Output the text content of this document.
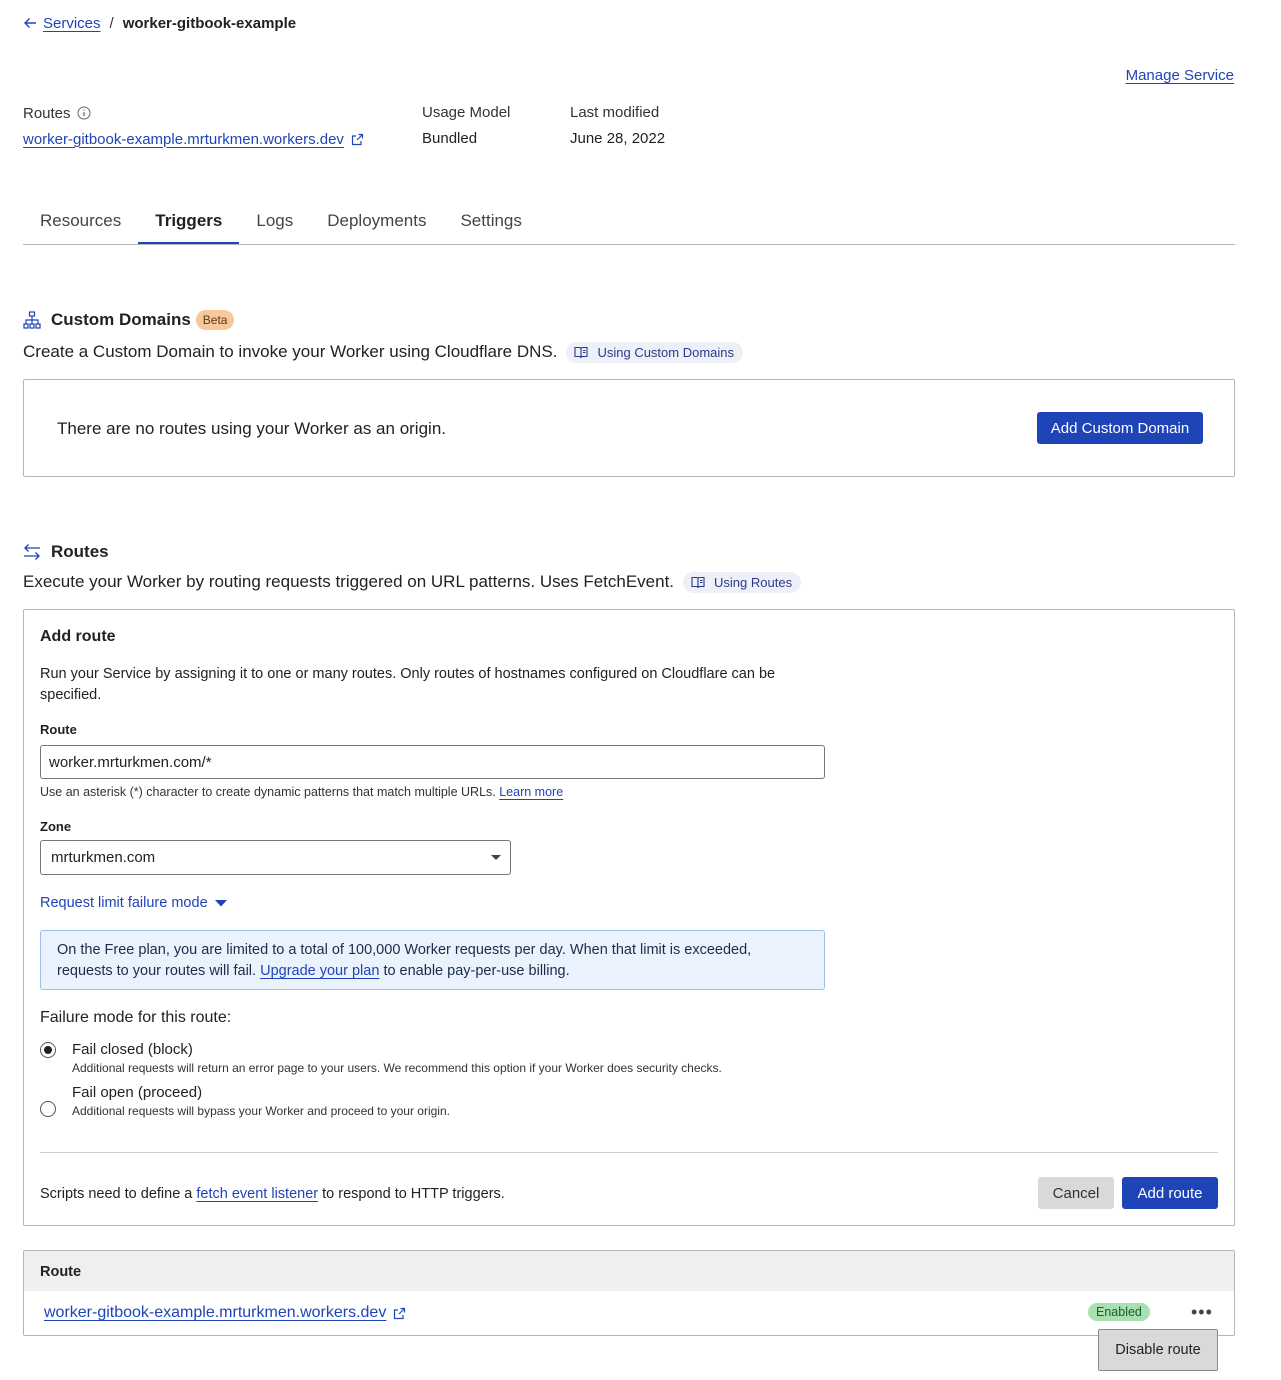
Services / worker-gitbook-example
Manage Service
Routes
worker-gitbook-example.mrturkmen.workers.dev
Usage Model
Bundled
Last modified
June 28, 2022
Resources	Triggers	Logs	Deployments	Settings
Custom Domains	Beta
Create a Custom Domain to invoke your Worker using Cloudflare DNS.	Using Custom Domains
There are no routes using your Worker as an origin.	Add Custom Domain
Routes
Execute your Worker by routing requests triggered on URL patterns. Uses FetchEvent.	Using Routes
Add route
Run your Service by assigning it to one or many routes. Only routes of hostnames configured on Cloudflare can be
specified.
Route
worker.mrturkmen.com/*
Use an asterisk (*) character to create dynamic patterns that match multiple URLs. Learn more
Zone
mrturkmen.com
Request limit failure mode
On the Free plan, you are limited to a total of 100,000 Worker requests per day. When that limit is exceeded,
requests to your routes will fail. Upgrade your plan to enable pay-per-use billing.
Failure mode for this route:
Fail closed (block)
Additional requests will return an error page to your users. We recommend this option if your Worker does security checks.
Fail open (proceed)
Additional requests will bypass your Worker and proceed to your origin.
Scripts need to define a fetch event listener to respond to HTTP triggers.	Cancel	Add route
Route
worker-gitbook-example.mrturkmen.workers.dev	Enabled	•••
Disable route
